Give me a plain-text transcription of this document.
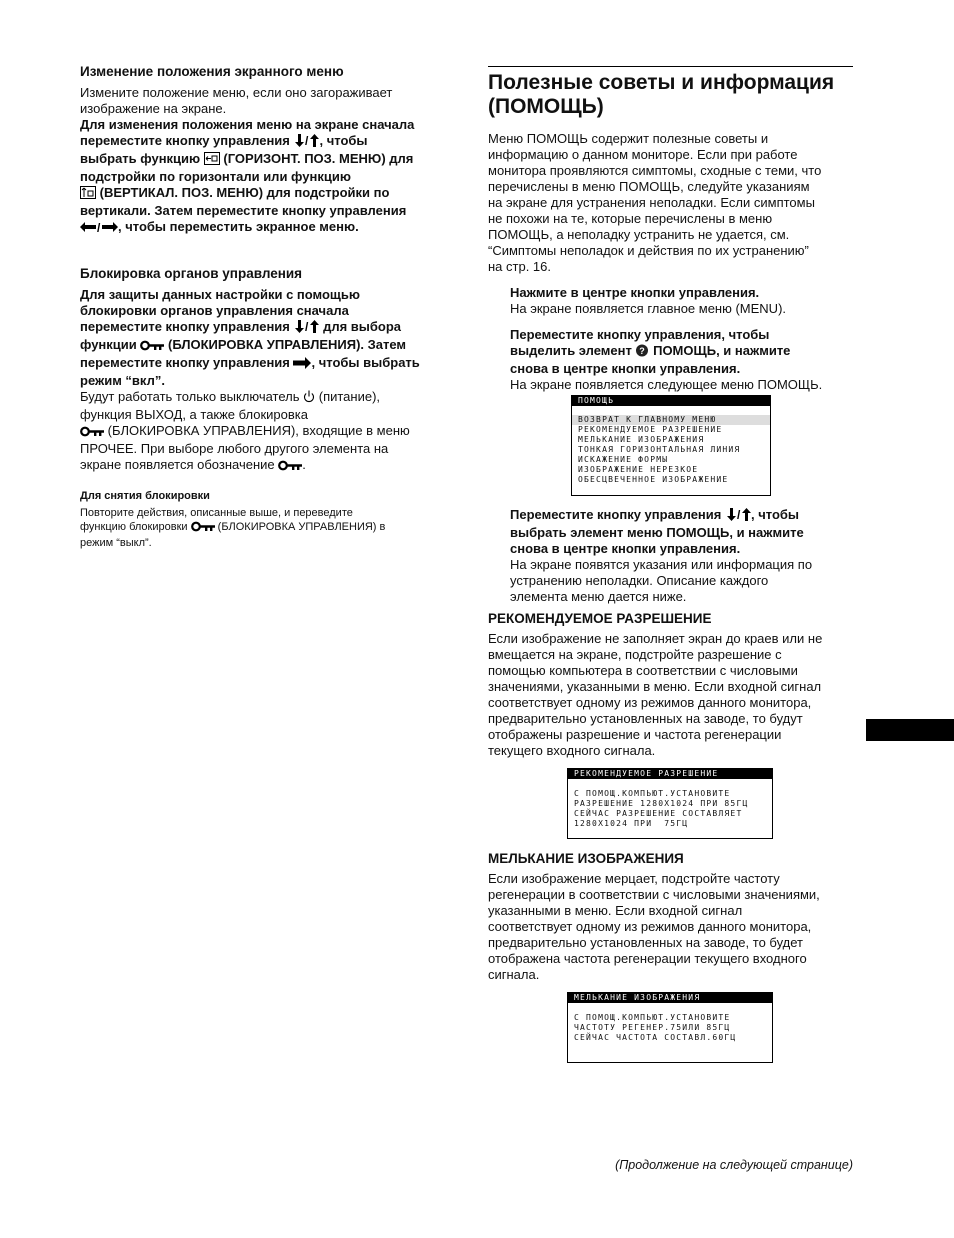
Изменение положения экранного меню

Измените положение меню, если оно загораживает

изображение на экране.

Для изменения положения меню на экране сначала

переместите кнопку управления / , чтобы

выбрать функцию  (ГОРИЗОНТ. ПОЗ. МЕНЮ) для

подстройки по горизонтали или функцию

(ВЕРТИКАЛ. ПОЗ. МЕНЮ) для подстройки по

вертикали. Затем переместите кнопку управления

/ , чтобы переместить экранное меню.

Блокировка органов управления

Для защиты данных настройки с помощью

блокировки органов управления сначала

переместите кнопку управления / для выбора

функции  (БЛОКИРОВКА УПРАВЛЕНИЯ). Затем

переместите кнопку управления , чтобы выбрать

режим “вкл”.

Будут работать только выключатель  (питание),

функция ВЫХОД, а также блокировка

(БЛОКИРОВКА УПРАВЛЕНИЯ), входящие в меню

ПРОЧЕЕ. При выборе любого другого элемента на

экране появляется обозначение .

Для снятия блокировки

Повторите действия, описанные выше, и переведите

функцию блокировки  (БЛОКИРОВКА УПРАВЛЕНИЯ) в

режим “выкл”.

Полезные советы и информация

(ПОМОЩЬ)

Меню ПОМОЩЬ содержит полезные советы и

информацию о данном мониторе. Если при работе

монитора проявляются симптомы, сходные с теми, что

перечислены в меню ПОМОЩЬ, следуйте указаниям

на экране для устранения неполадки. Если симптомы

не похожи на те, которые перечислены в меню

ПОМОЩЬ, а неполадку устранить не удается, см.

“Симптомы неполадок и действия по их устранению”

на стр. 16.

Нажмите в центре кнопки управления.

На экране появляется главное меню (MENU).

Переместите кнопку управления, чтобы

выделить элемент ? ПОМОЩЬ, и нажмите

снова в центре кнопки управления.

На экране появляется следующее меню ПОМОЩЬ.

ПОМОЩЬ
ВОЗВРАТ К ГЛАВНОМУ МЕНЮ
РЕКОМЕНДУЕМОЕ РАЗРЕШЕНИЕ
МЕЛЬКАНИЕ ИЗОБРАЖЕНИЯ
ТОНКАЯ ГОРИЗОНТАЛЬНАЯ ЛИНИЯ
ИСКАЖЕНИЕ ФОРМЫ
ИЗОБРАЖЕНИЕ НЕРЕЗКОЕ
ОБЕСЦВЕЧЕННОЕ ИЗОБРАЖЕНИЕ

Переместите кнопку управления / , чтобы

выбрать элемент меню ПОМОЩЬ, и нажмите

снова в центре кнопки управления.

На экране появятся указания или информация по

устранению неполадки. Описание каждого

элемента меню дается ниже.

РЕКОМЕНДУЕМОЕ РАЗРЕШЕНИЕ

Если изображение не заполняет экран до краев или не

вмещается на экране, подстройте разрешение с

помощью компьютера в соответствии с числовыми

значениями, указанными в меню. Если входной сигнал

соответствует одному из режимов данного монитора,

предварительно установленных на заводе, то будут

отображены разрешение и частота регенерации

текущего входного сигнала.

РЕКОМЕНДУЕМОЕ РАЗРЕШЕНИЕ
С ПОМОЩ.КОМПЬЮТ.УСТАНОВИТЕ
РАЗРЕШЕНИЕ 1280Х1024 ПРИ 85ГЦ
СЕЙЧАС РАЗРЕШЕНИЕ СОСТАВЛЯЕТ
1280Х1024 ПРИ  75ГЦ

МЕЛЬКАНИЕ ИЗОБРАЖЕНИЯ

Если изображение мерцает, подстройте частоту

регенерации в соответствии с числовыми значениями,

указанными в меню. Если входной сигнал

соответствует одному из режимов данного монитора,

предварительно установленных на заводе, то будет

отображена частота регенерации текущего входного

сигнала.

МЕЛЬКАНИЕ ИЗОБРАЖЕНИЯ
С ПОМОЩ.КОМПЬЮТ.УСТАНОВИТЕ
ЧАСТОТУ РЕГЕНЕР.75ИЛИ 85ГЦ
СЕЙЧАС ЧАСТОТА СОСТАВЛ.60ГЦ
(Продолжение на следующей странице)
